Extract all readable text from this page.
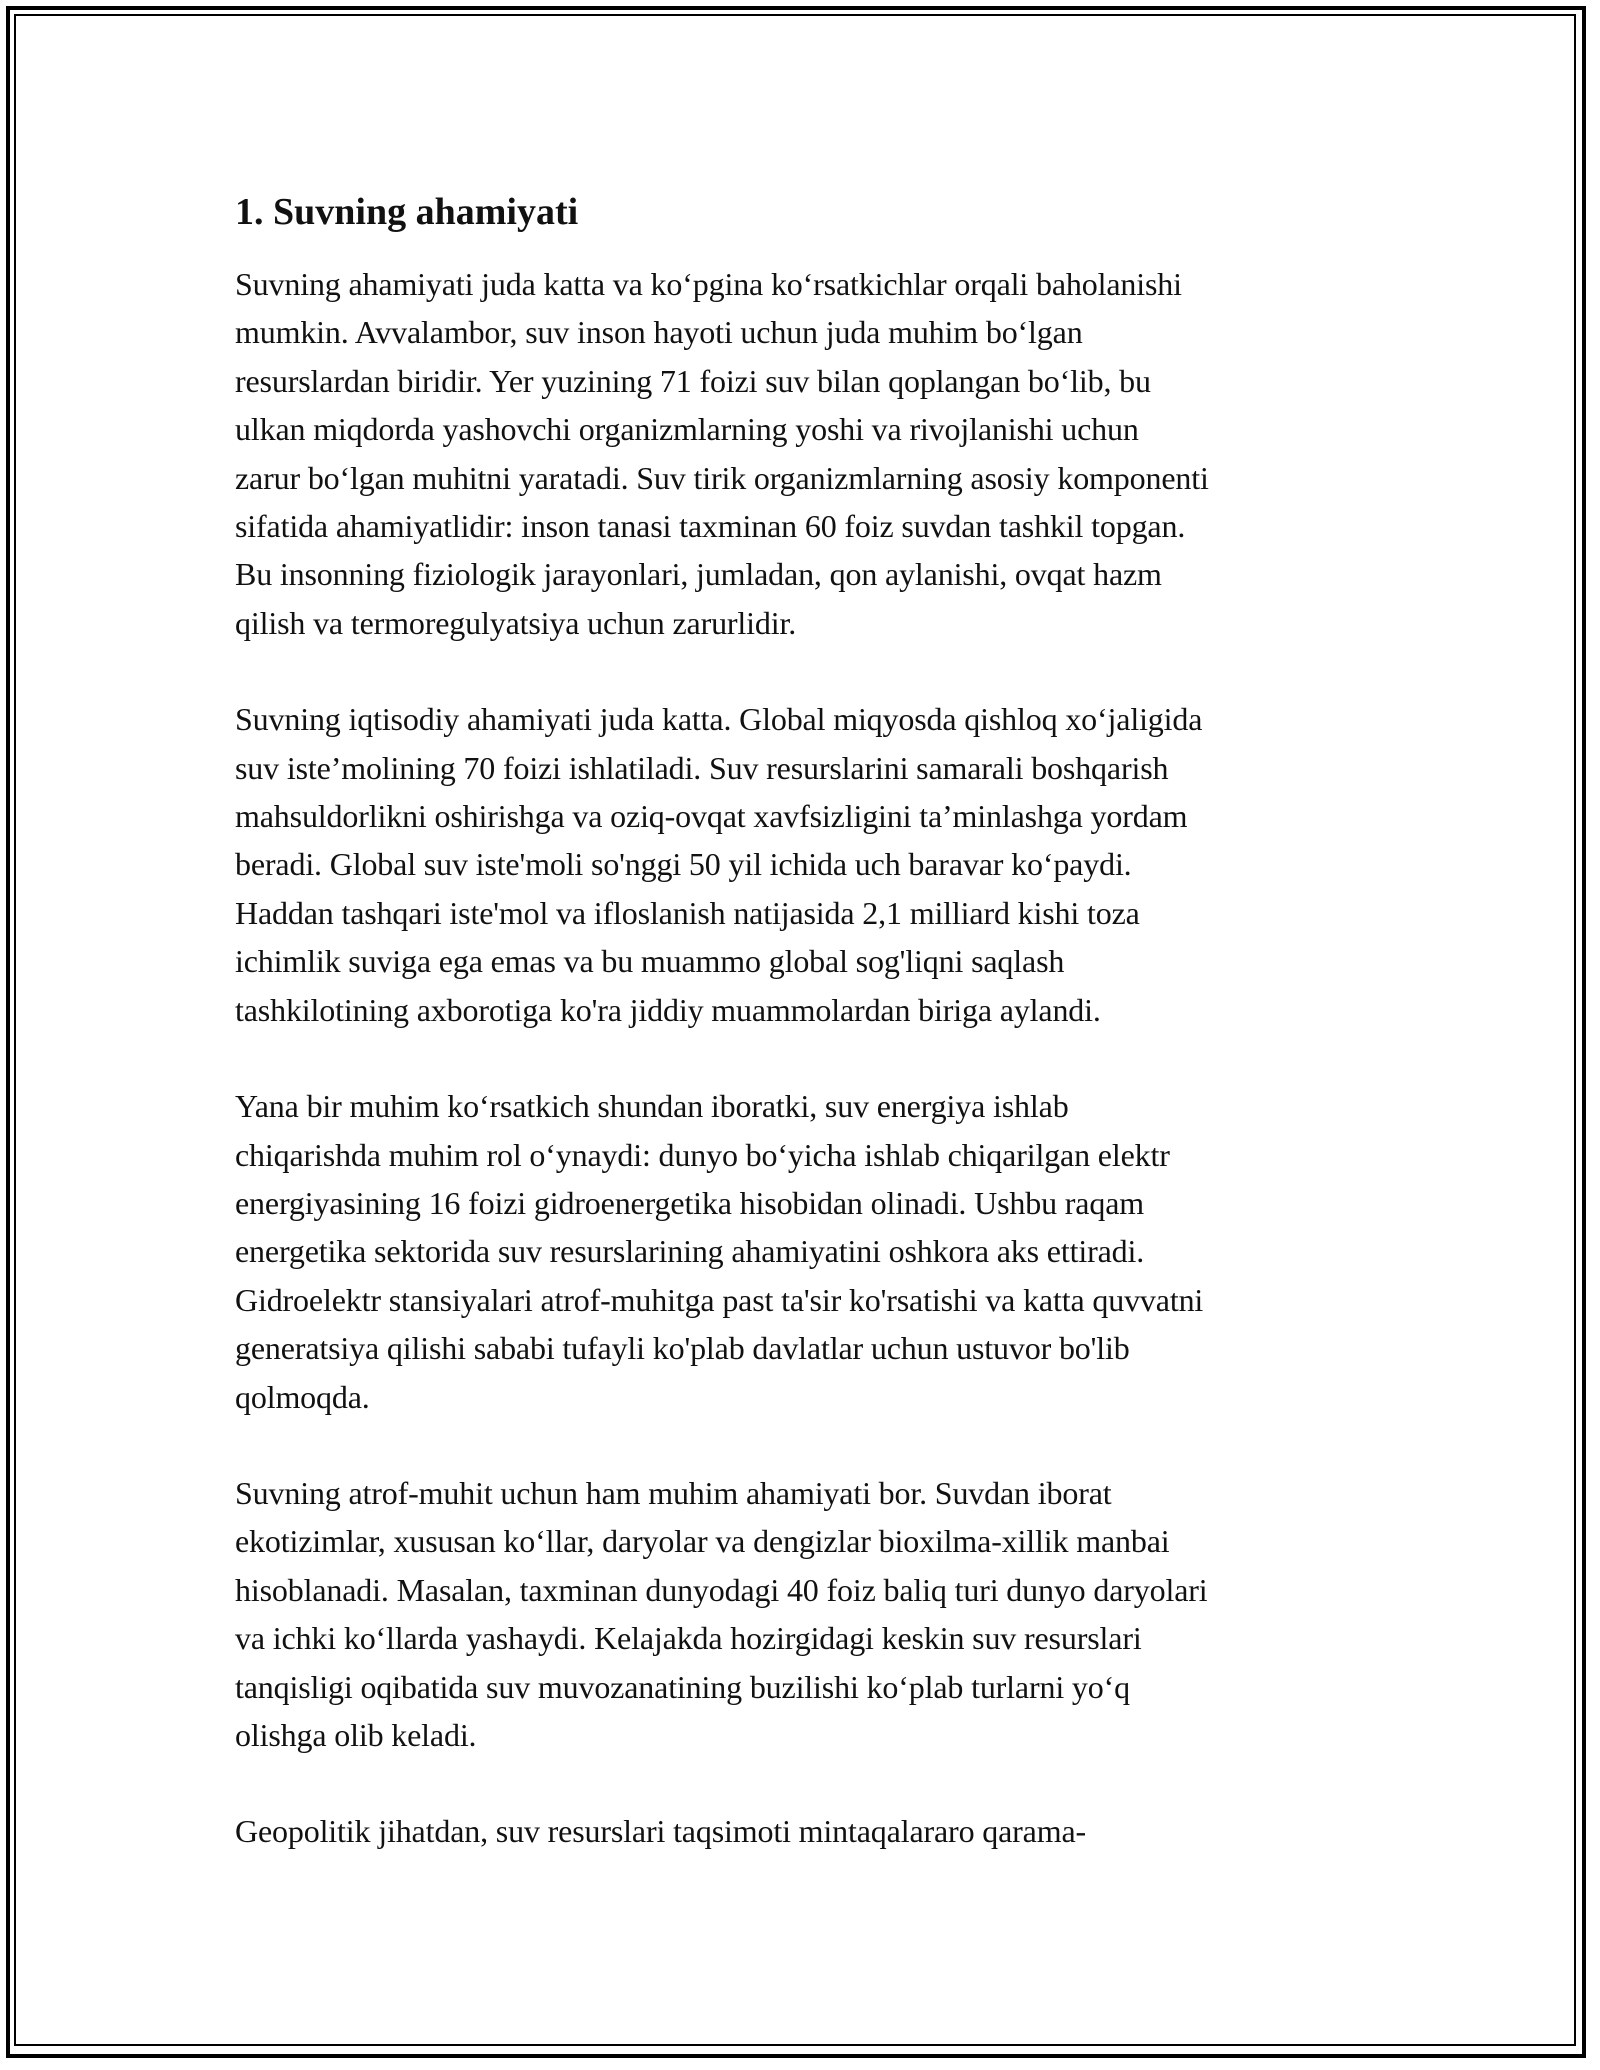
1. Suvning ahamiyati

Suvning ahamiyati juda katta va ko‘pgina ko‘rsatkichlar orqali baholanishi
mumkin. Avvalambor, suv inson hayoti uchun juda muhim bo‘lgan
resurslardan biridir. Yer yuzining 71 foizi suv bilan qoplangan bo‘lib, bu
ulkan miqdorda yashovchi organizmlarning yoshi va rivojlanishi uchun
zarur bo‘lgan muhitni yaratadi. Suv tirik organizmlarning asosiy komponenti
sifatida ahamiyatlidir: inson tanasi taxminan 60 foiz suvdan tashkil topgan.
Bu insonning fiziologik jarayonlari, jumladan, qon aylanishi, ovqat hazm
qilish va termoregulyatsiya uchun zarurlidir.

Suvning iqtisodiy ahamiyati juda katta. Global miqyosda qishloq xo‘jaligida
suv iste’molining 70 foizi ishlatiladi. Suv resurslarini samarali boshqarish
mahsuldorlikni oshirishga va oziq-ovqat xavfsizligini ta’minlashga yordam
beradi. Global suv iste'moli so'nggi 50 yil ichida uch baravar ko‘paydi.
Haddan tashqari iste'mol va ifloslanish natijasida 2,1 milliard kishi toza
ichimlik suviga ega emas va bu muammo global sog'liqni saqlash
tashkilotining axborotiga ko'ra jiddiy muammolardan biriga aylandi.

Yana bir muhim ko‘rsatkich shundan iboratki, suv energiya ishlab
chiqarishda muhim rol o‘ynaydi: dunyo bo‘yicha ishlab chiqarilgan elektr
energiyasining 16 foizi gidroenergetika hisobidan olinadi. Ushbu raqam
energetika sektorida suv resurslarining ahamiyatini oshkora aks ettiradi.
Gidroelektr stansiyalari atrof-muhitga past ta'sir ko'rsatishi va katta quvvatni
generatsiya qilishi sababi tufayli ko'plab davlatlar uchun ustuvor bo'lib
qolmoqda.

Suvning atrof-muhit uchun ham muhim ahamiyati bor. Suvdan iborat
ekotizimlar, xususan ko‘llar, daryolar va dengizlar bioxilma-xillik manbai
hisoblanadi. Masalan, taxminan dunyodagi 40 foiz baliq turi dunyo daryolari
va ichki ko‘llarda yashaydi. Kelajakda hozirgidagi keskin suv resurslari
tanqisligi oqibatida suv muvozanatining buzilishi ko‘plab turlarni yo‘q
olishga olib keladi.

Geopolitik jihatdan, suv resurslari taqsimoti mintaqalararo qarama-
